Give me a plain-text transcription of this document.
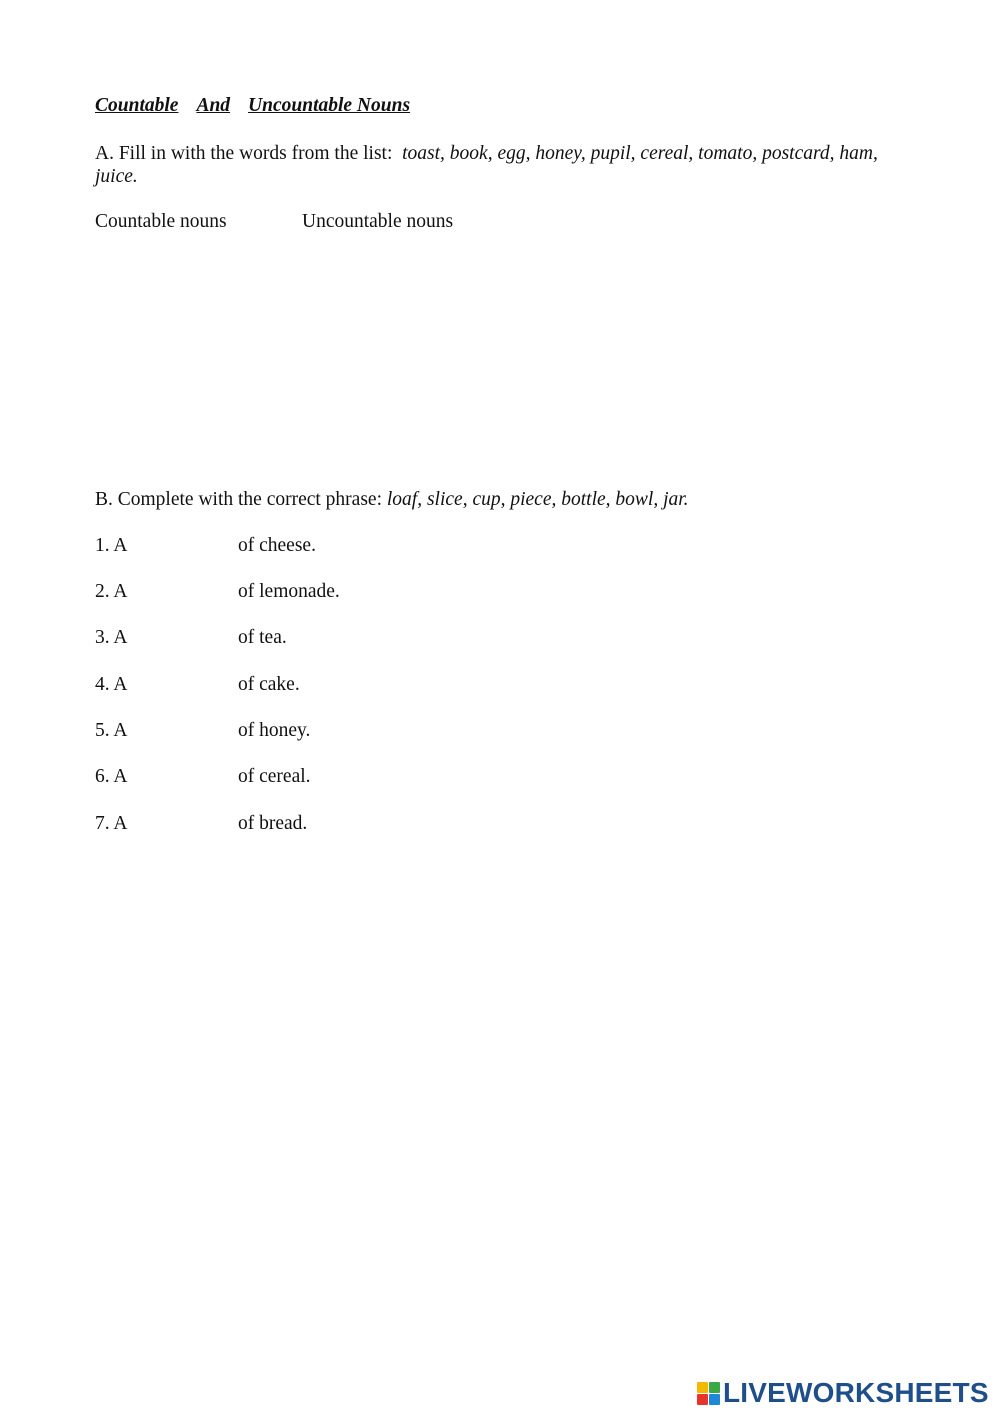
Countable And Uncountable Nouns
A. Fill in with the words from the list: toast, book, egg, honey, pupil, cereal, tomato, postcard, ham, juice.
Countable nouns	Uncountable nouns
B. Complete with the correct phrase: loaf, slice, cup, piece, bottle, bowl, jar.
1. A	of cheese.
2. A	of lemonade.
3. A	of tea.
4. A	of cake.
5. A	of honey.
6. A	of cereal.
7. A	of bread.
LIVEWORKSHEETS
